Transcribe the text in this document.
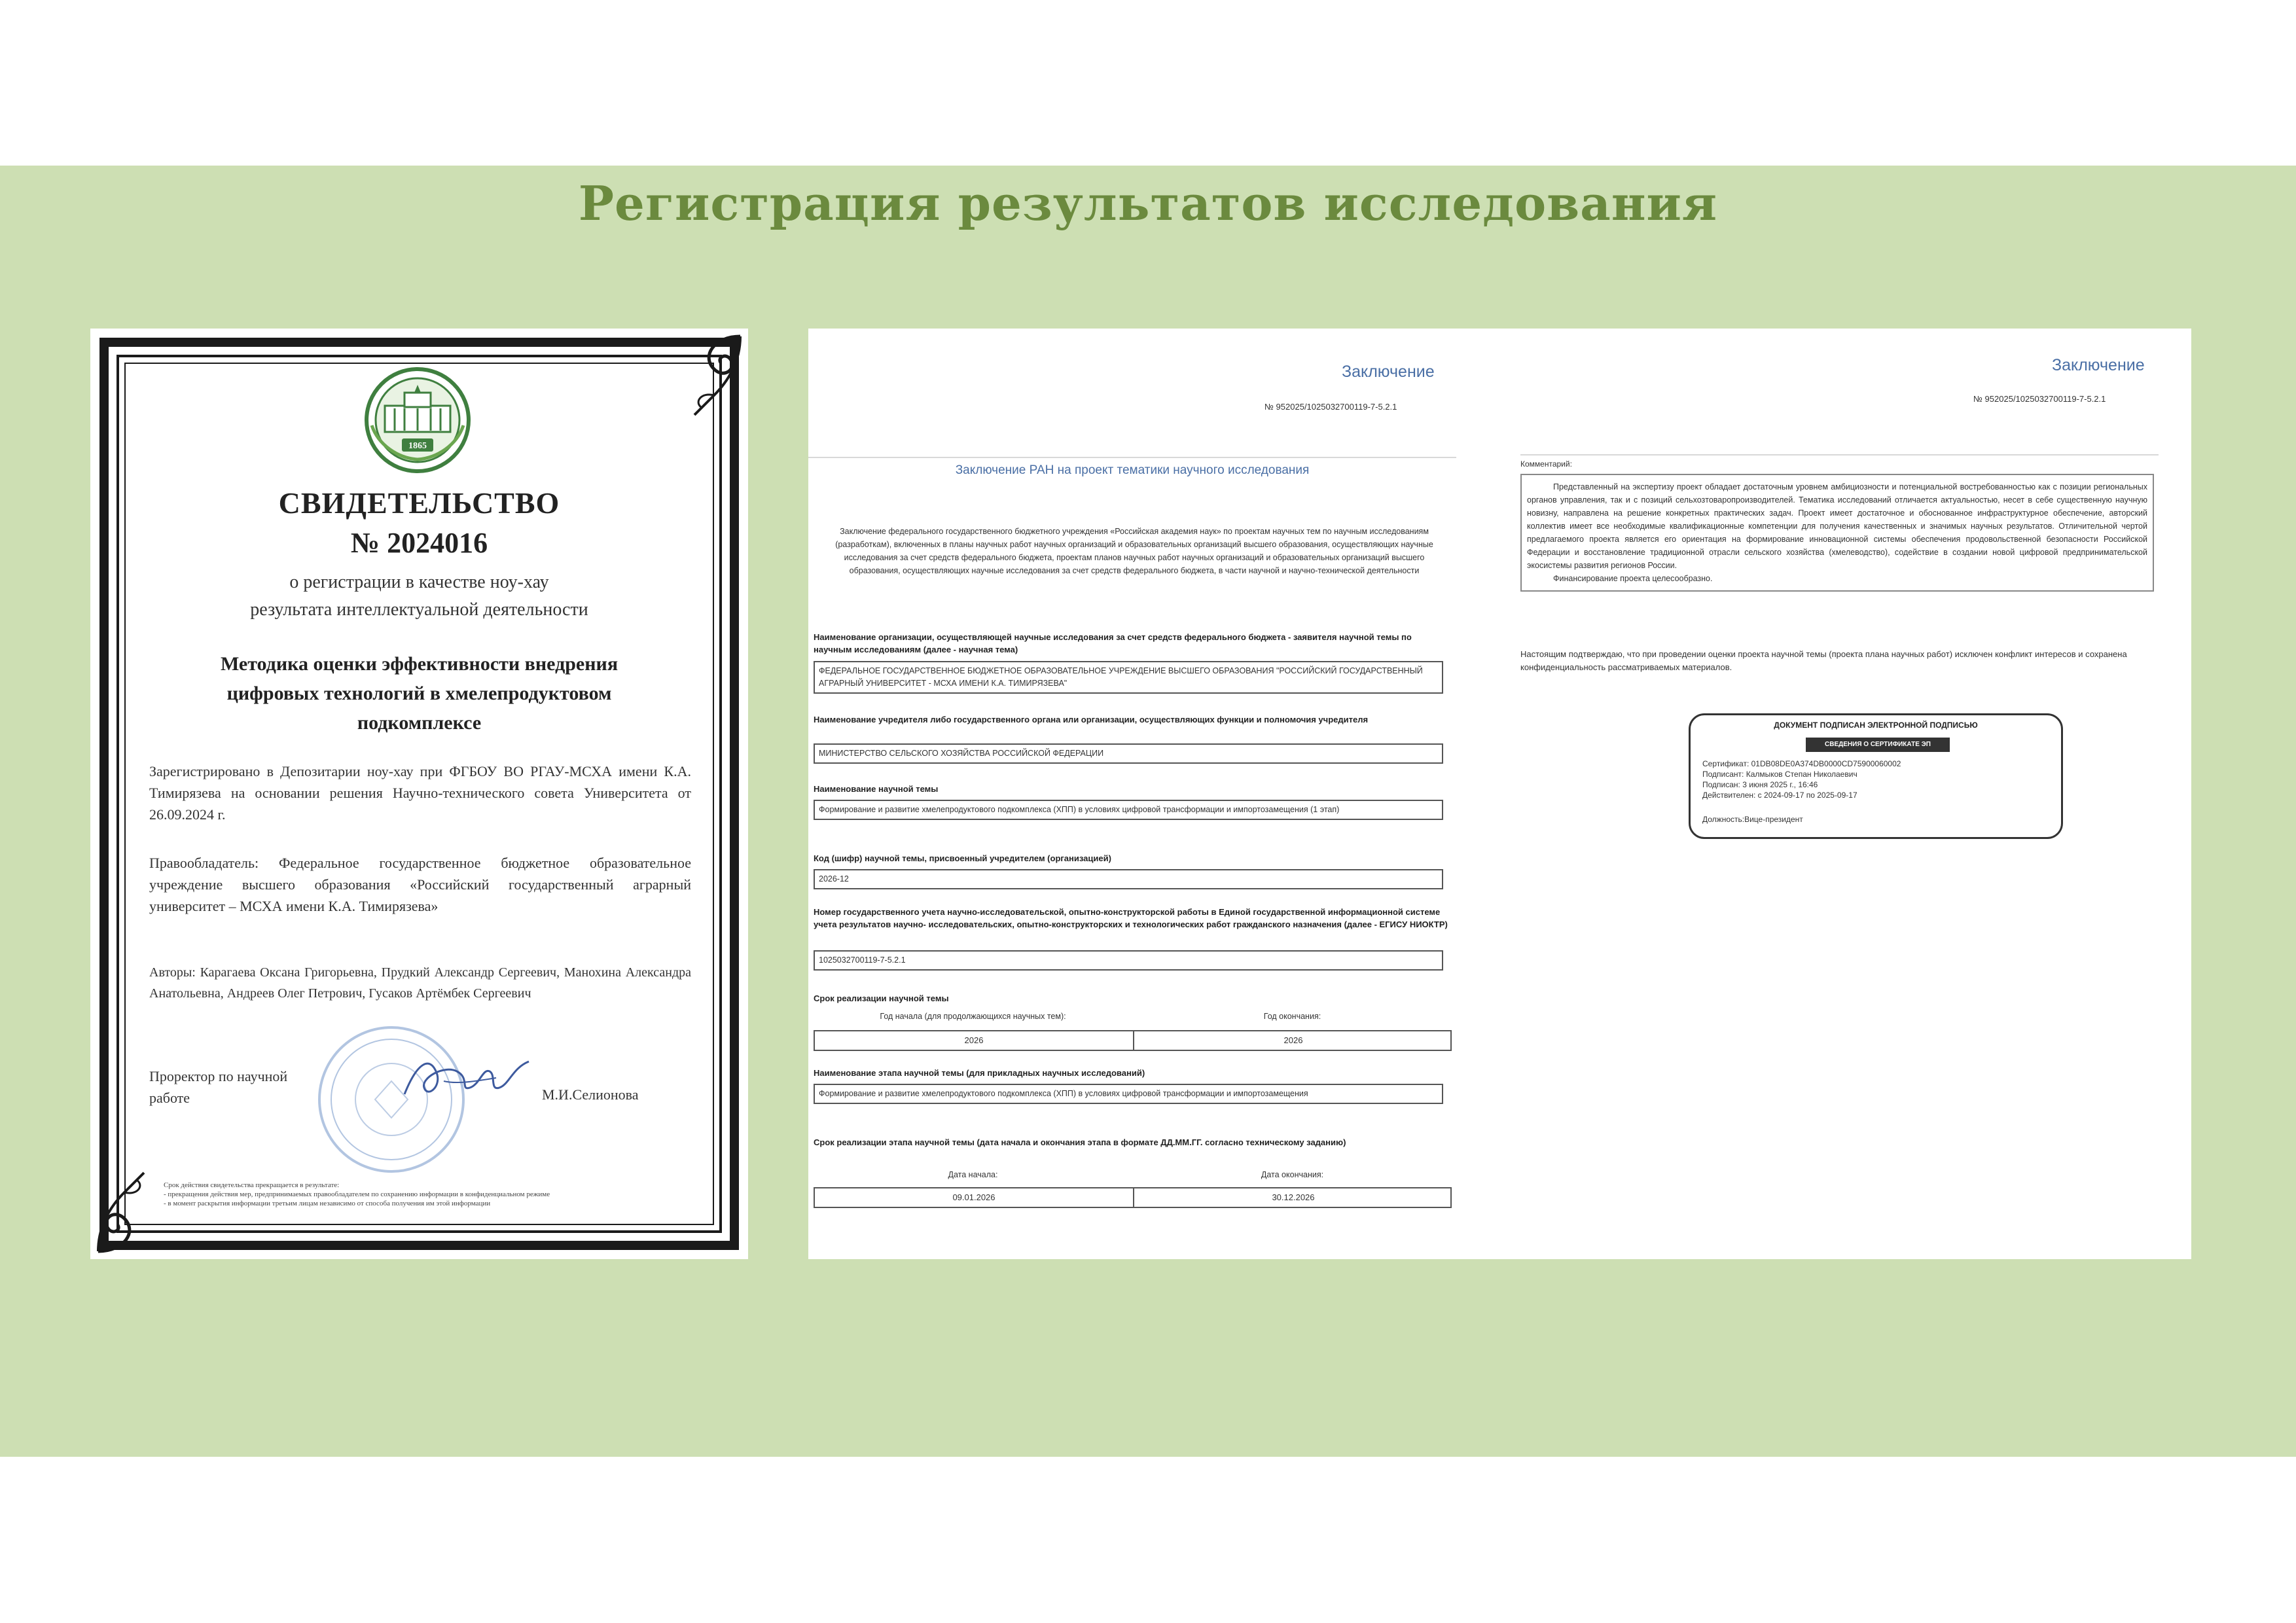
Регистрация результатов исследования
1865
СВИДЕТЕЛЬСТВО
№ 2024016
о регистрации в качестве ноу-хау
результата интеллектуальной деятельности
Методика оценки эффективности внедрения цифровых технологий в хмелепродуктовом подкомплексе
Зарегистрировано в Депозитарии ноу-хау при ФГБОУ ВО РГАУ-МСХА имени К.А. Тимирязева на основании решения Научно-технического совета Университета от 26.09.2024 г.
Правообладатель: Федеральное государственное бюджетное образовательное учреждение высшего образования «Российский государственный аграрный университет – МСХА имени К.А. Тимирязева»
Авторы: Карагаева Оксана Григорьевна, Прудкий Александр Сергеевич, Манохина Александра Анатольевна, Андреев Олег Петрович, Гусаков Артёмбек Сергеевич
Проректор по научной работе	М.И.Селионова
Срок действия свидетельства прекращается в результате:
- прекращения действия мер, предпринимаемых правообладателем по сохранению информации в конфиденциальном режиме
- в момент раскрытия информации третьим лицам независимо от способа получения им этой информации
Заключение
№ 952025/1025032700119-7-5.2.1
Заключение РАН на проект тематики научного исследования
Заключение федерального государственного бюджетного учреждения «Российская академия наук» по проектам научных тем по научным исследованиям (разработкам), включенных в планы научных работ научных организаций и образовательных организаций высшего образования, осуществляющих научные исследования за счет средств федерального бюджета, проектам планов научных работ научных организаций и образовательных организаций высшего образования, осуществляющих научные исследования за счет средств федерального бюджета, в части научной и научно-технической деятельности
Наименование организации, осуществляющей научные исследования за счет средств федерального бюджета - заявителя научной темы по научным исследованиям (далее - научная тема)
ФЕДЕРАЛЬНОЕ ГОСУДАРСТВЕННОЕ БЮДЖЕТНОЕ ОБРАЗОВАТЕЛЬНОЕ УЧРЕЖДЕНИЕ ВЫСШЕГО ОБРАЗОВАНИЯ "РОССИЙСКИЙ ГОСУДАРСТВЕННЫЙ АГРАРНЫЙ УНИВЕРСИТЕТ - МСХА ИМЕНИ К.А. ТИМИРЯЗЕВА"
Наименование учредителя либо государственного органа или организации, осуществляющих функции и полномочия учредителя
МИНИСТЕРСТВО СЕЛЬСКОГО ХОЗЯЙСТВА РОССИЙСКОЙ ФЕДЕРАЦИИ
Наименование научной темы
Формирование и развитие хмелепродуктового подкомплекса (ХПП) в условиях цифровой трансформации и импортозамещения (1 этап)
Код (шифр) научной темы, присвоенный учредителем (организацией)
2026-12
Номер государственного учета научно-исследовательской, опытно-конструкторской работы в Единой государственной информационной системе учета результатов научно- исследовательских, опытно-конструкторских и технологических работ гражданского назначения (далее - ЕГИСУ НИОКТР)
1025032700119-7-5.2.1
Срок реализации научной темы
Год начала (для продолжающихся научных тем):	Год окончания:
2026	2026
Наименование этапа научной темы (для прикладных научных исследований)
Формирование и развитие хмелепродуктового подкомплекса (ХПП) в условиях цифровой трансформации и импортозамещения
Срок реализации этапа научной темы (дата начала и окончания этапа в формате ДД.ММ.ГГ. согласно техническому заданию)
Дата начала:	Дата окончания:
09.01.2026	30.12.2026
Заключение
№ 952025/1025032700119-7-5.2.1
Комментарий:

Представленный на экспертизу проект обладает достаточным уровнем амбициозности и потенциальной востребованностью как с позиции региональных органов управления, так и с позиций сельхозтоваропроизводителей. Тематика исследований отличается актуальностью, несет в себе существенную научную новизну, направлена на решение конкретных практических задач. Проект имеет достаточное и обоснованное инфраструктурное обеспечение, авторский коллектив имеет все необходимые квалификационные компетенции для получения качественных и значимых научных результатов. Отличительной чертой предлагаемого проекта является его ориентация на формирование инновационной системы обеспечения продовольственной безопасности Российской Федерации и восстановление традиционной отрасли сельского хозяйства (хмелеводство), содействие в создании новой цифровой предпринимательской экосистемы развития регионов России.

Финансирование проекта целесообразно.

Настоящим подтверждаю, что при проведении оценки проекта научной темы (проекта плана научных работ) исключен конфликт интересов и сохранена конфиденциальность рассматриваемых материалов.
ДОКУМЕНТ ПОДПИСАН ЭЛЕКТРОННОЙ ПОДПИСЬЮ
СВЕДЕНИЯ О СЕРТИФИКАТЕ ЭП
Сертификат: 01DB08DE0A374DB0000CD75900060002
Подписант: Калмыков Степан Николаевич
Подписан: 3 июня 2025 г., 16:46
Действителен: с 2024-09-17 по 2025-09-17
Должность:Вице-президент
